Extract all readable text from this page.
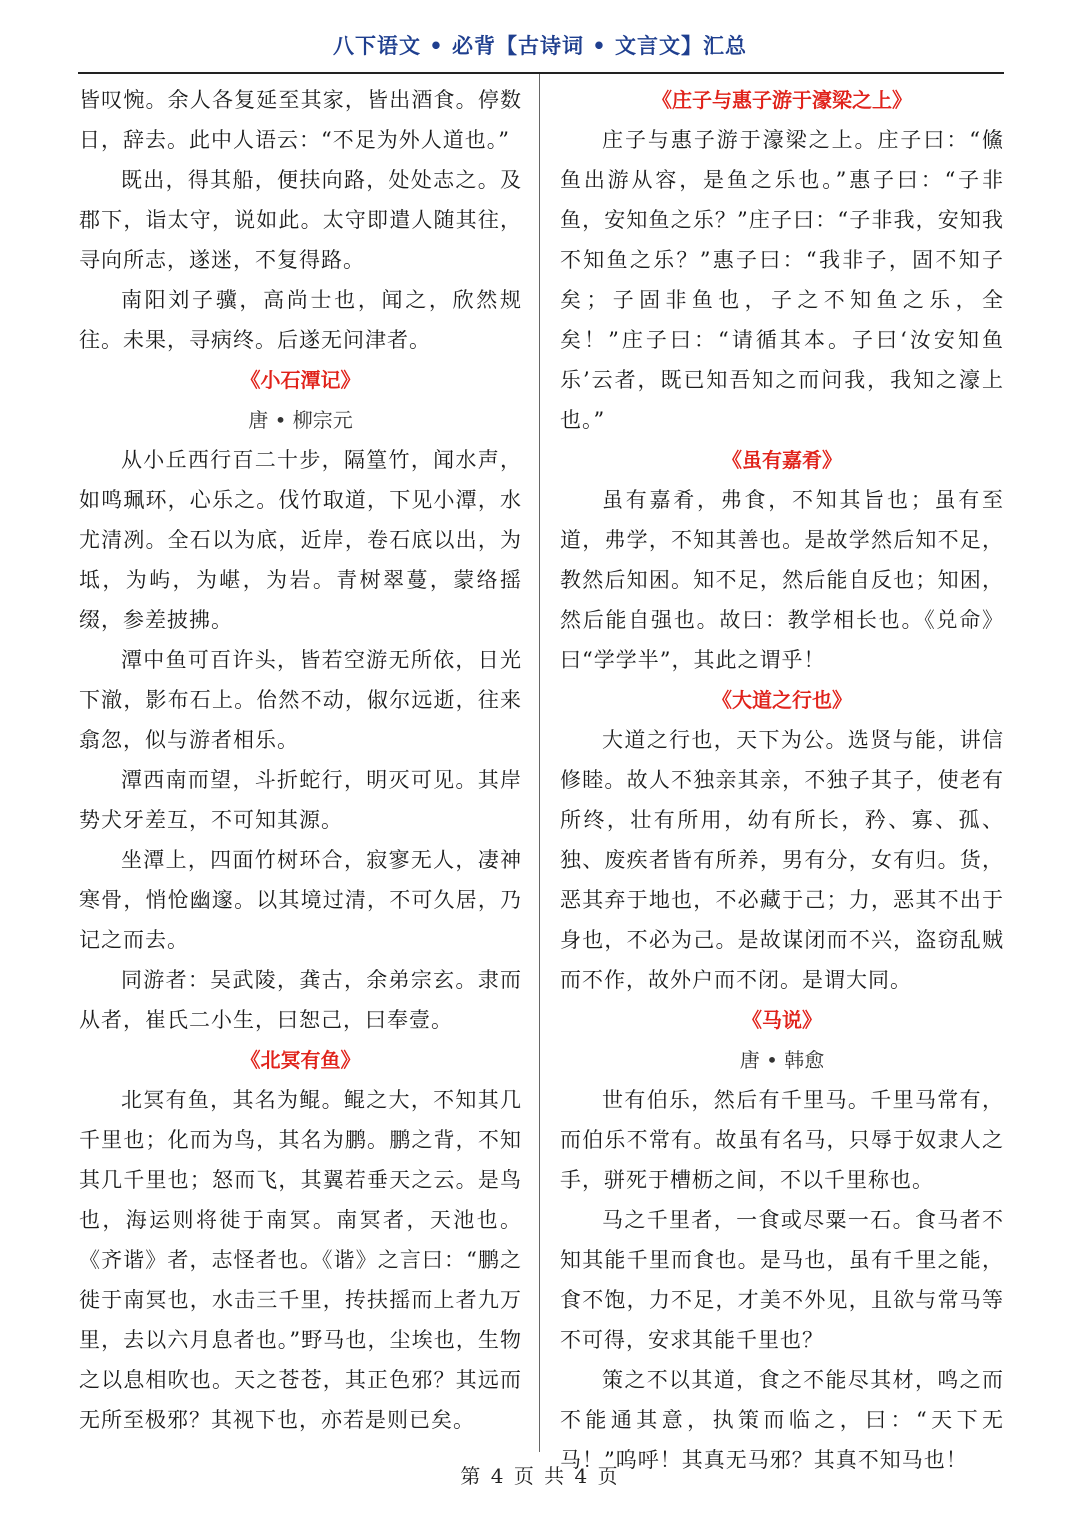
八下语文 • 必背【古诗词 • 文言文】汇总

皆叹惋。余人各复延至其家，皆出酒食。停数日，辞去。此中人语云：“不足为外人道也。”

既出，得其船，便扶向路，处处志之。及郡下，诣太守，说如此。太守即遣人随其往，寻向所志，遂迷，不复得路。

南阳刘子骥，高尚士也，闻之，欣然规往。未果，寻病终。后遂无问津者。

《小石潭记》
唐 • 柳宗元

从小丘西行百二十步，隔篁竹，闻水声，如鸣珮环，心乐之。伐竹取道，下见小潭，水尤清冽。全石以为底，近岸，卷石底以出，为坻，为屿，为嵁，为岩。青树翠蔓，蒙络摇缀，参差披拂。

潭中鱼可百许头，皆若空游无所依，日光下澈，影布石上。佁然不动，俶尔远逝，往来翕忽，似与游者相乐。

潭西南而望，斗折蛇行，明灭可见。其岸势犬牙差互，不可知其源。

坐潭上，四面竹树环合，寂寥无人，凄神寒骨，悄怆幽邃。以其境过清，不可久居，乃记之而去。

同游者：吴武陵，龚古，余弟宗玄。隶而从者，崔氏二小生，曰恕己，曰奉壹。

《北冥有鱼》

北冥有鱼，其名为鲲。鲲之大，不知其几千里也；化而为鸟，其名为鹏。鹏之背，不知其几千里也；怒而飞，其翼若垂天之云。是鸟也，海运则将徙于南冥。南冥者，天池也。《齐谐》者，志怪者也。《谐》之言曰：“鹏之徙于南冥也，水击三千里，抟扶摇而上者九万里，去以六月息者也。”野马也，尘埃也，生物之以息相吹也。天之苍苍，其正色邪？其远而无所至极邪？其视下也，亦若是则已矣。

《庄子与惠子游于濠梁之上》

庄子与惠子游于濠梁之上。庄子曰：“鯈鱼出游从容，是鱼之乐也。”惠子曰：“子非鱼，安知鱼之乐？”庄子曰：“子非我，安知我不知鱼之乐？”惠子曰：“我非子，固不知子矣；子固非鱼也，子之不知鱼之乐，全矣！”庄子曰：“请循其本。子曰‘汝安知鱼乐’云者，既已知吾知之而问我，我知之濠上也。”

《虽有嘉肴》

虽有嘉肴，弗食，不知其旨也；虽有至道，弗学，不知其善也。是故学然后知不足，教然后知困。知不足，然后能自反也；知困，然后能自强也。故曰：教学相长也。《兑命》曰“学学半”，其此之谓乎！

《大道之行也》

大道之行也，天下为公。选贤与能，讲信修睦。故人不独亲其亲，不独子其子，使老有所终，壮有所用，幼有所长，矜、寡、孤、独、废疾者皆有所养，男有分，女有归。货，恶其弃于地也，不必藏于己；力，恶其不出于身也，不必为己。是故谋闭而不兴，盗窃乱贼而不作，故外户而不闭。是谓大同。

《马说》
唐 • 韩愈

世有伯乐，然后有千里马。千里马常有，而伯乐不常有。故虽有名马，只辱于奴隶人之手，骈死于槽枥之间，不以千里称也。

马之千里者，一食或尽粟一石。食马者不知其能千里而食也。是马也，虽有千里之能，食不饱，力不足，才美不外见，且欲与常马等不可得，安求其能千里也？

策之不以其道，食之不能尽其材，鸣之而不能通其意，执策而临之，曰：“天下无马！”呜呼！其真无马邪？其真不知马也！

第 4 页 共 4 页
